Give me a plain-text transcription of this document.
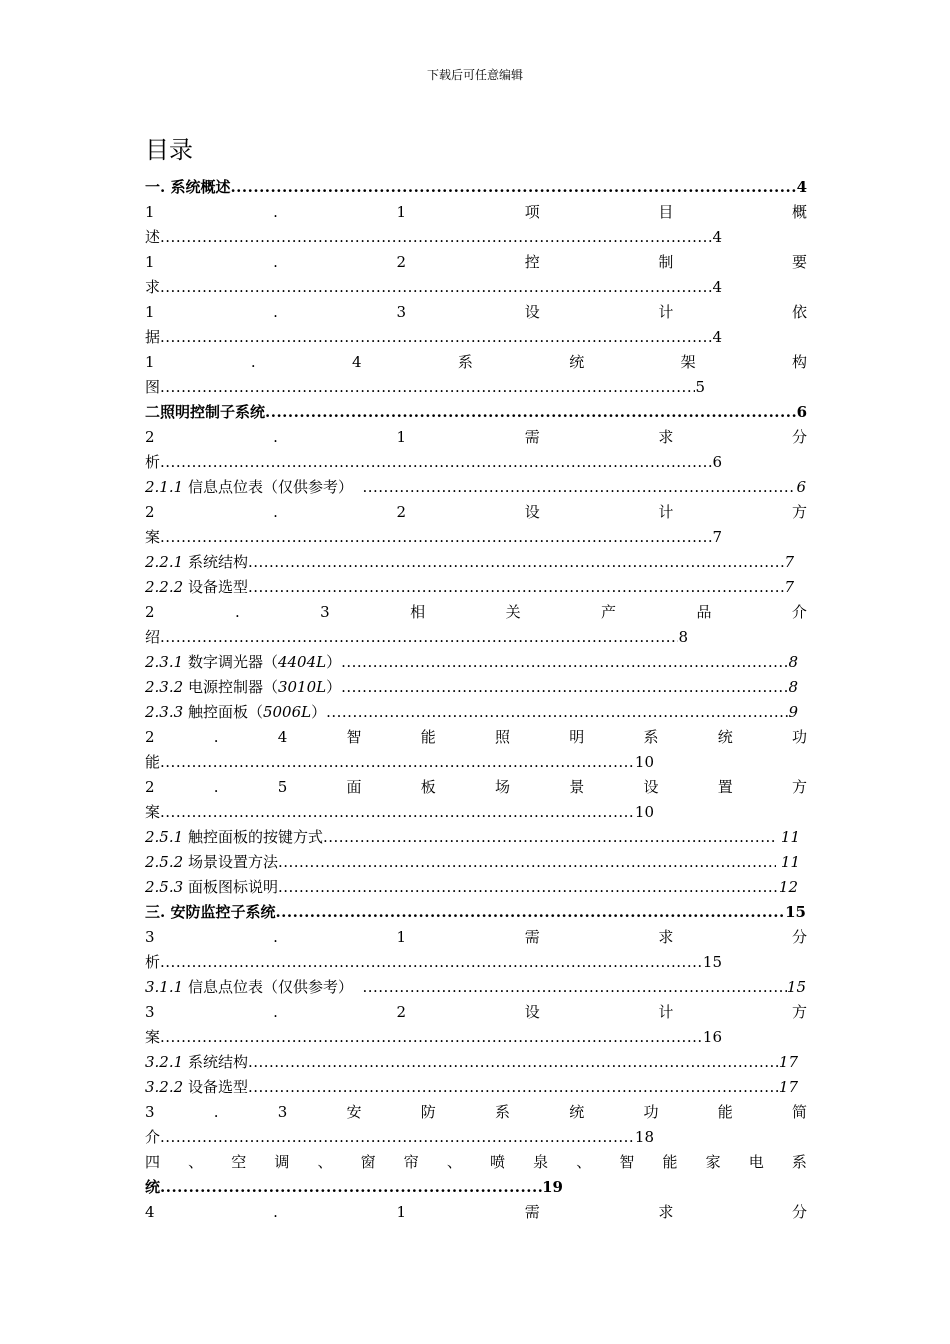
下载后可任意编辑
目录
一. 系统概述 .....	4
1	.	1	项	目	概
述 .....	4
1	.	2	控	制	要
求 .....	4
1	.	3	设	计	依
据 .....	4
1	.	4	系	统	架	构
图 .....	5
二照明控制子系统 .....	6
2	.	1	需	求	分
析 .....	6
2.1.1 信息点位表（仅供参考） .....	6
2	.	2	设	计	方
案 .....	7
2.2.1 系统结构 .....	7
2.2.2 设备选型 .....	7
2	.	3	相	关	产	品	介
绍 .....	8
2.3.1 数字调光器（4404L） .....	8
2.3.2 电源控制器（3010L） .....	8
2.3.3 触控面板（5006L） .....	9
2	.	4	智	能	照	明	系	统	功
能 .....	10
2	.	5	面	板	场	景	设	置	方
案 .....	10
2.5.1 触控面板的按键方式 .....	11
2.5.2 场景设置方法 .....	11
2.5.3 面板图标说明 .....	12
三. 安防监控子系统 .....	15
3	.	1	需	求	分
析 .....	15
3.1.1 信息点位表（仅供参考） .....	15
3	.	2	设	计	方
案 .....	16
3.2.1 系统结构 .....	17
3.2.2 设备选型 .....	17
3	.	3	安	防	系	统	功	能	简
介 .....	18
四 、 空 调 、 窗 帘 、 喷 泉 、 智 能 家 电 系
统 .....	19
4	.	1	需	求	分
